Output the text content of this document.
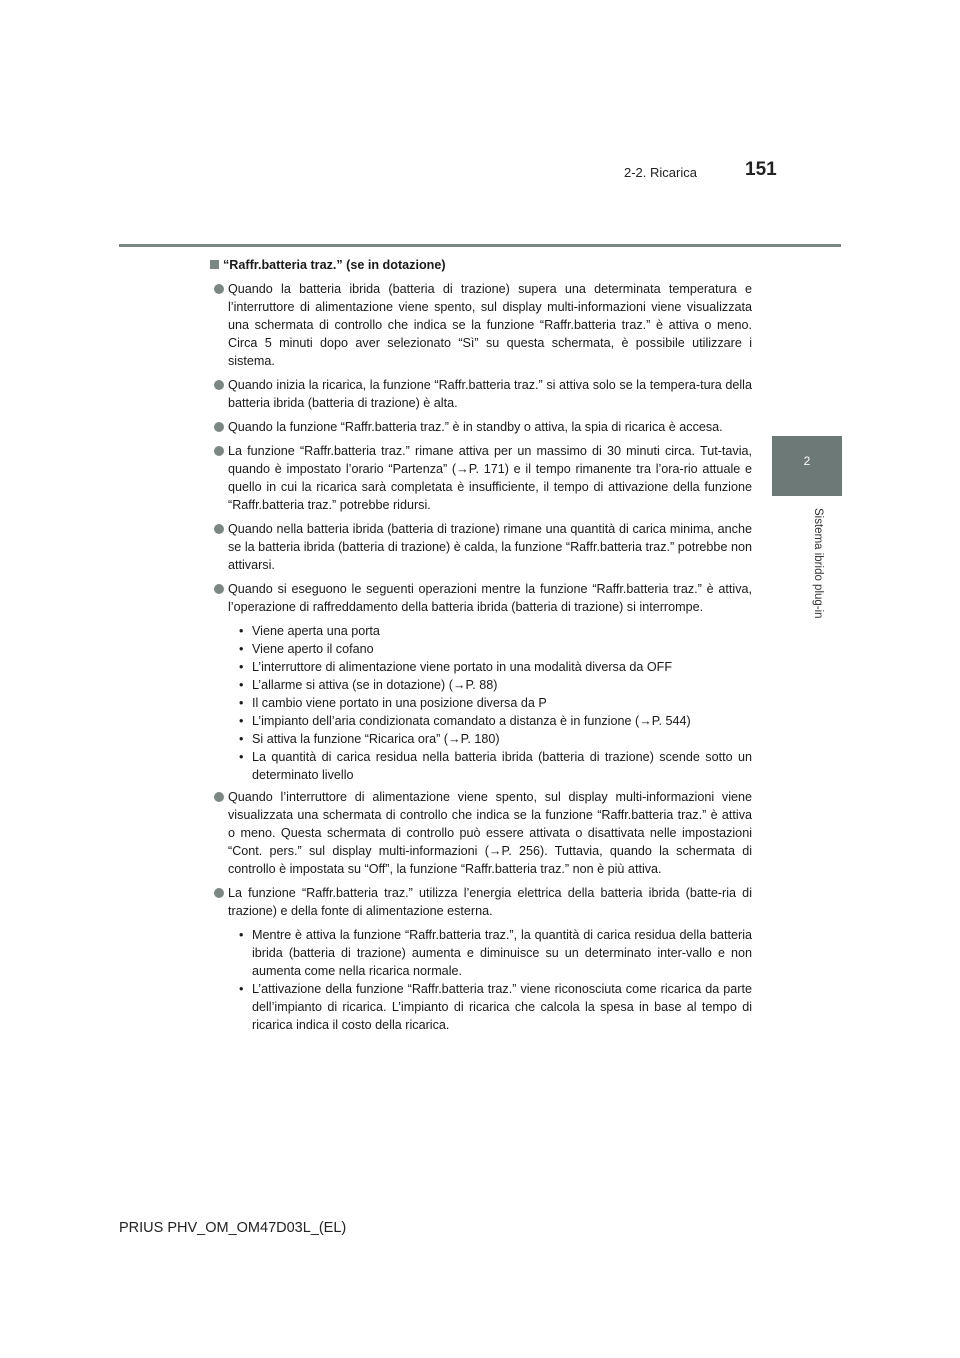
2-2. Ricarica	151
2
Sistema ibrido plug-in
“Raffr.batteria traz.” (se in dotazione)
Quando la batteria ibrida (batteria di trazione) supera una determinata temperatura e l’interruttore di alimentazione viene spento, sul display multi-informazioni viene visualizzata una schermata di controllo che indica se la funzione “Raffr.batteria traz.” è attiva o meno. Circa 5 minuti dopo aver selezionato “Sì” su questa schermata, è possibile utilizzare i sistema.
Quando inizia la ricarica, la funzione “Raffr.batteria traz.” si attiva solo se la tempera-tura della batteria ibrida (batteria di trazione) è alta.
Quando la funzione “Raffr.batteria traz.” è in standby o attiva, la spia di ricarica è accesa.
La funzione “Raffr.batteria traz.” rimane attiva per un massimo di 30 minuti circa. Tut-tavia, quando è impostato l’orario “Partenza” (→P. 171) e il tempo rimanente tra l’ora-rio attuale e quello in cui la ricarica sarà completata è insufficiente, il tempo di attivazione della funzione “Raffr.batteria traz.” potrebbe ridursi.
Quando nella batteria ibrida (batteria di trazione) rimane una quantità di carica minima, anche se la batteria ibrida (batteria di trazione) è calda, la funzione “Raffr.batteria traz.” potrebbe non attivarsi.
Quando si eseguono le seguenti operazioni mentre la funzione “Raffr.batteria traz.” è attiva, l’operazione di raffreddamento della batteria ibrida (batteria di trazione) si interrompe.
• Viene aperta una porta
• Viene aperto il cofano
• L’interruttore di alimentazione viene portato in una modalità diversa da OFF
• L’allarme si attiva (se in dotazione) (→P. 88)
• Il cambio viene portato in una posizione diversa da P
• L’impianto dell’aria condizionata comandato a distanza è in funzione (→P. 544)
• Si attiva la funzione “Ricarica ora” (→P. 180)
• La quantità di carica residua nella batteria ibrida (batteria di trazione) scende sotto un determinato livello
Quando l’interruttore di alimentazione viene spento, sul display multi-informazioni viene visualizzata una schermata di controllo che indica se la funzione “Raffr.batteria traz.” è attiva o meno. Questa schermata di controllo può essere attivata o disattivata nelle impostazioni “Cont. pers.” sul display multi-informazioni (→P. 256). Tuttavia, quando la schermata di controllo è impostata su “Off”, la funzione “Raffr.batteria traz.” non è più attiva.
La funzione “Raffr.batteria traz.” utilizza l’energia elettrica della batteria ibrida (batte-ria di trazione) e della fonte di alimentazione esterna.
• Mentre è attiva la funzione “Raffr.batteria traz.”, la quantità di carica residua della batteria ibrida (batteria di trazione) aumenta e diminuisce su un determinato inter-vallo e non aumenta come nella ricarica normale.
• L’attivazione della funzione “Raffr.batteria traz.” viene riconosciuta come ricarica da parte dell’impianto di ricarica. L’impianto di ricarica che calcola la spesa in base al tempo di ricarica indica il costo della ricarica.
PRIUS PHV_OM_OM47D03L_(EL)
